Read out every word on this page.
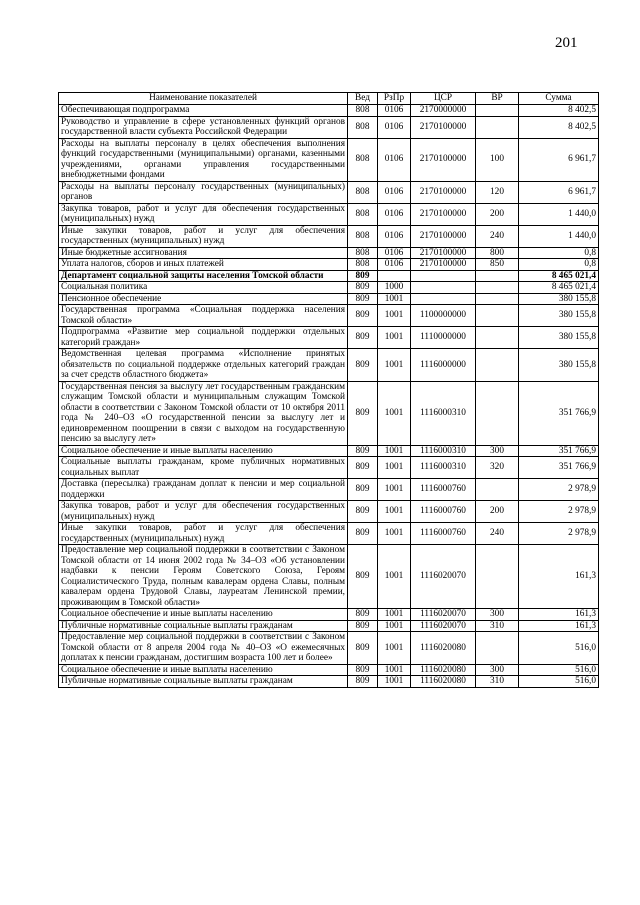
201
Наименование показателей	Вед	РзПр	ЦСР	ВР	Сумма
Обеспечивающая подпрограмма	808	0106	2170000000		8 402,5
Руководство и управление в сфере установленных функций органов государственной власти субъекта Российской Федерации	808	0106	2170100000		8 402,5
Расходы на выплаты персоналу в целях обеспечения выполнения функций государственными (муниципальными) органами, казенными учреждениями, органами управления государственными внебюджетными фондами	808	0106	2170100000	100	6 961,7
Расходы на выплаты персоналу государственных (муниципальных) органов	808	0106	2170100000	120	6 961,7
Закупка товаров, работ и услуг для обеспечения государственных (муниципальных) нужд	808	0106	2170100000	200	1 440,0
Иные закупки товаров, работ и услуг для обеспечения государственных (муниципальных) нужд	808	0106	2170100000	240	1 440,0
Иные бюджетные ассигнования	808	0106	2170100000	800	0,8
Уплата налогов, сборов и иных платежей	808	0106	2170100000	850	0,8
Департамент социальной защиты населения Томской области	809				8 465 021,4
Социальная политика	809	1000			8 465 021,4
Пенсионное обеспечение	809	1001			380 155,8
Государственная программа «Социальная поддержка населения Томской области»	809	1001	1100000000		380 155,8
Подпрограмма «Развитие мер социальной поддержки отдельных категорий граждан»	809	1001	1110000000		380 155,8
Ведомственная целевая программа «Исполнение принятых обязательств по социальной поддержке отдельных категорий граждан за счет средств областного бюджета»	809	1001	1116000000		380 155,8
Государственная пенсия за выслугу лет государственным гражданским служащим Томской области и муниципальным служащим Томской области в соответствии с Законом Томской области от 10 октября 2011 года № 240–ОЗ «О государственной пенсии за выслугу лет и единовременном поощрении в связи с выходом на государственную пенсию за выслугу лет»	809	1001	1116000310		351 766,9
Социальное обеспечение и иные выплаты населению	809	1001	1116000310	300	351 766,9
Социальные выплаты гражданам, кроме публичных нормативных социальных выплат	809	1001	1116000310	320	351 766,9
Доставка (пересылка) гражданам доплат к пенсии и мер социальной поддержки	809	1001	1116000760		2 978,9
Закупка товаров, работ и услуг для обеспечения государственных (муниципальных) нужд	809	1001	1116000760	200	2 978,9
Иные закупки товаров, работ и услуг для обеспечения государственных (муниципальных) нужд	809	1001	1116000760	240	2 978,9
Предоставление мер социальной поддержки в соответствии с Законом Томской области от 14 июня 2002 года № 34–ОЗ «Об установлении надбавки к пенсии Героям Советского Союза, Героям Социалистического Труда, полным кавалерам ордена Славы, полным кавалерам ордена Трудовой Славы, лауреатам Ленинской премии, проживающим в Томской области»	809	1001	1116020070		161,3
Социальное обеспечение и иные выплаты населению	809	1001	1116020070	300	161,3
Публичные нормативные социальные выплаты гражданам	809	1001	1116020070	310	161,3
Предоставление мер социальной поддержки в соответствии с Законом Томской области от 8 апреля 2004 года № 40–ОЗ «О ежемесячных доплатах к пенсии гражданам, достигшим возраста 100 лет и более»	809	1001	1116020080		516,0
Социальное обеспечение и иные выплаты населению	809	1001	1116020080	300	516,0
Публичные нормативные социальные выплаты гражданам	809	1001	1116020080	310	516,0
